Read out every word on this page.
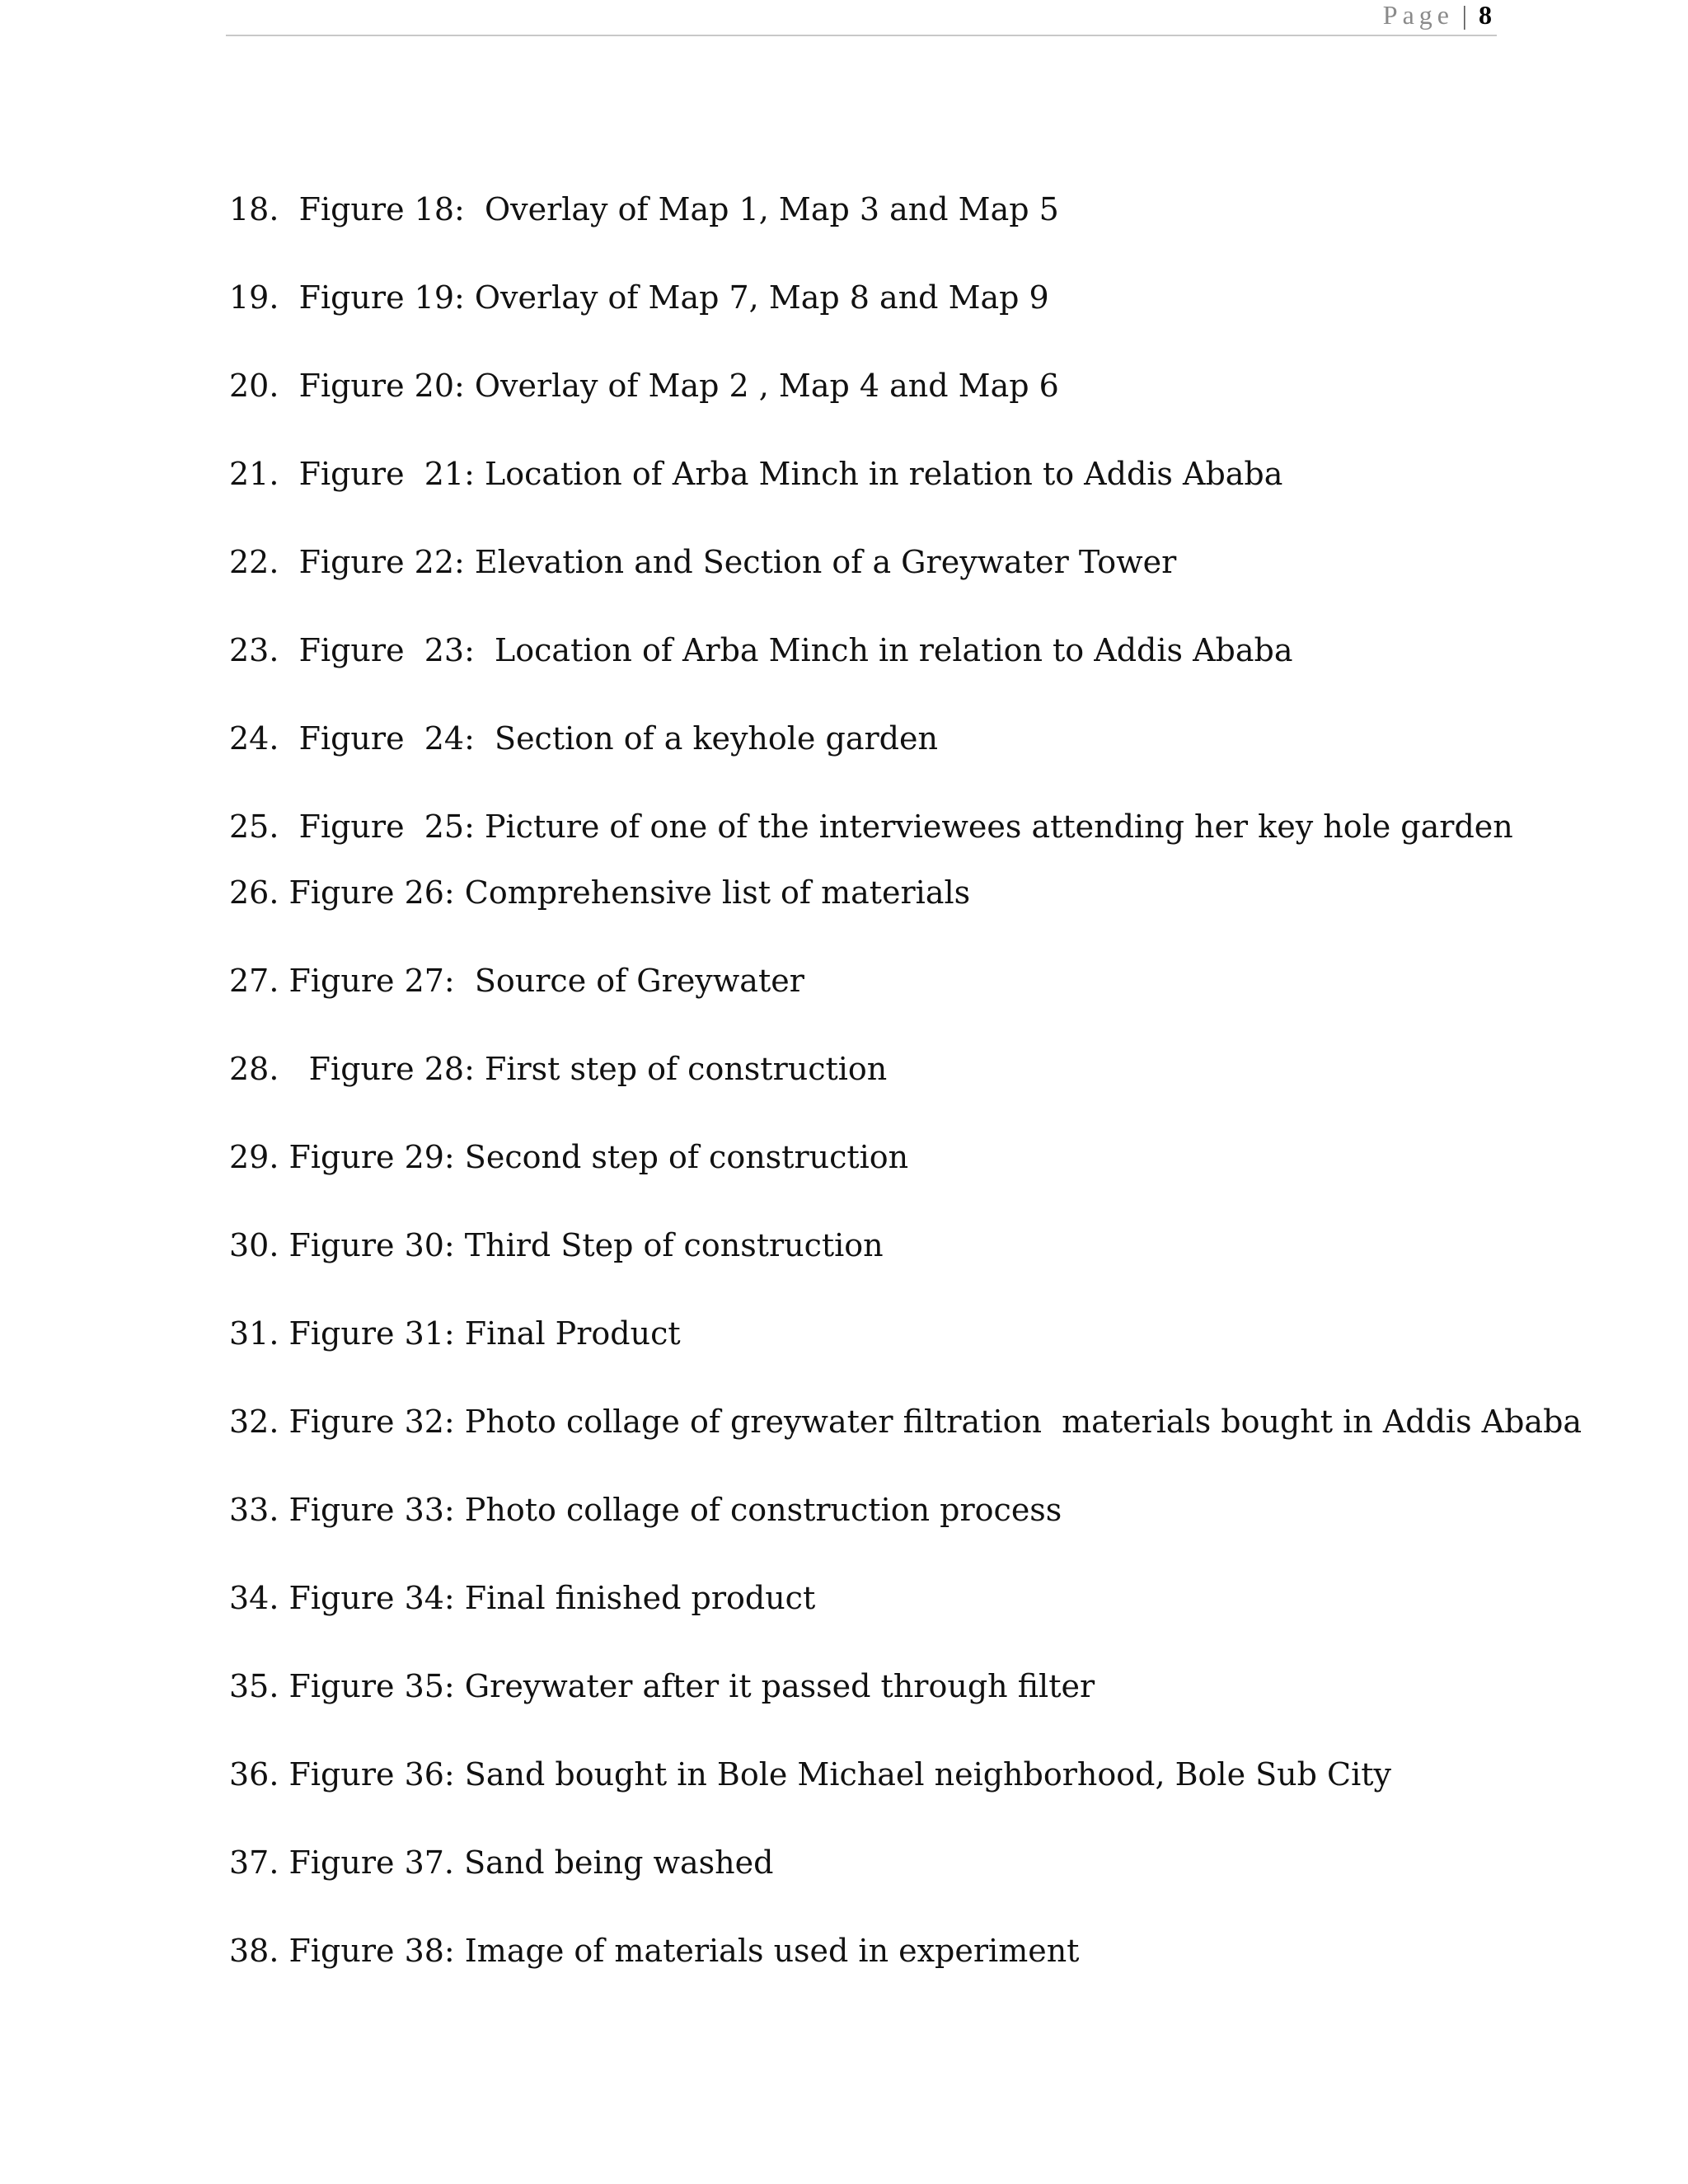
Page | 8
18.  Figure 18:  Overlay of Map 1, Map 3 and Map 5
19.  Figure 19: Overlay of Map 7, Map 8 and Map 9
20.  Figure 20: Overlay of Map 2 , Map 4 and Map 6
21.  Figure  21: Location of Arba Minch in relation to Addis Ababa
22.  Figure 22: Elevation and Section of a Greywater Tower
23.  Figure  23:  Location of Arba Minch in relation to Addis Ababa
24.  Figure  24:  Section of a keyhole garden
25.  Figure  25: Picture of one of the interviewees attending her key hole garden
26. Figure 26: Comprehensive list of materials
27. Figure 27:  Source of Greywater
28.   Figure 28: First step of construction
29. Figure 29: Second step of construction
30. Figure 30: Third Step of construction
31. Figure 31: Final Product
32. Figure 32: Photo collage of greywater filtration  materials bought in Addis Ababa
33. Figure 33: Photo collage of construction process
34. Figure 34: Final finished product
35. Figure 35: Greywater after it passed through filter
36. Figure 36: Sand bought in Bole Michael neighborhood, Bole Sub City
37. Figure 37. Sand being washed
38. Figure 38: Image of materials used in experiment
